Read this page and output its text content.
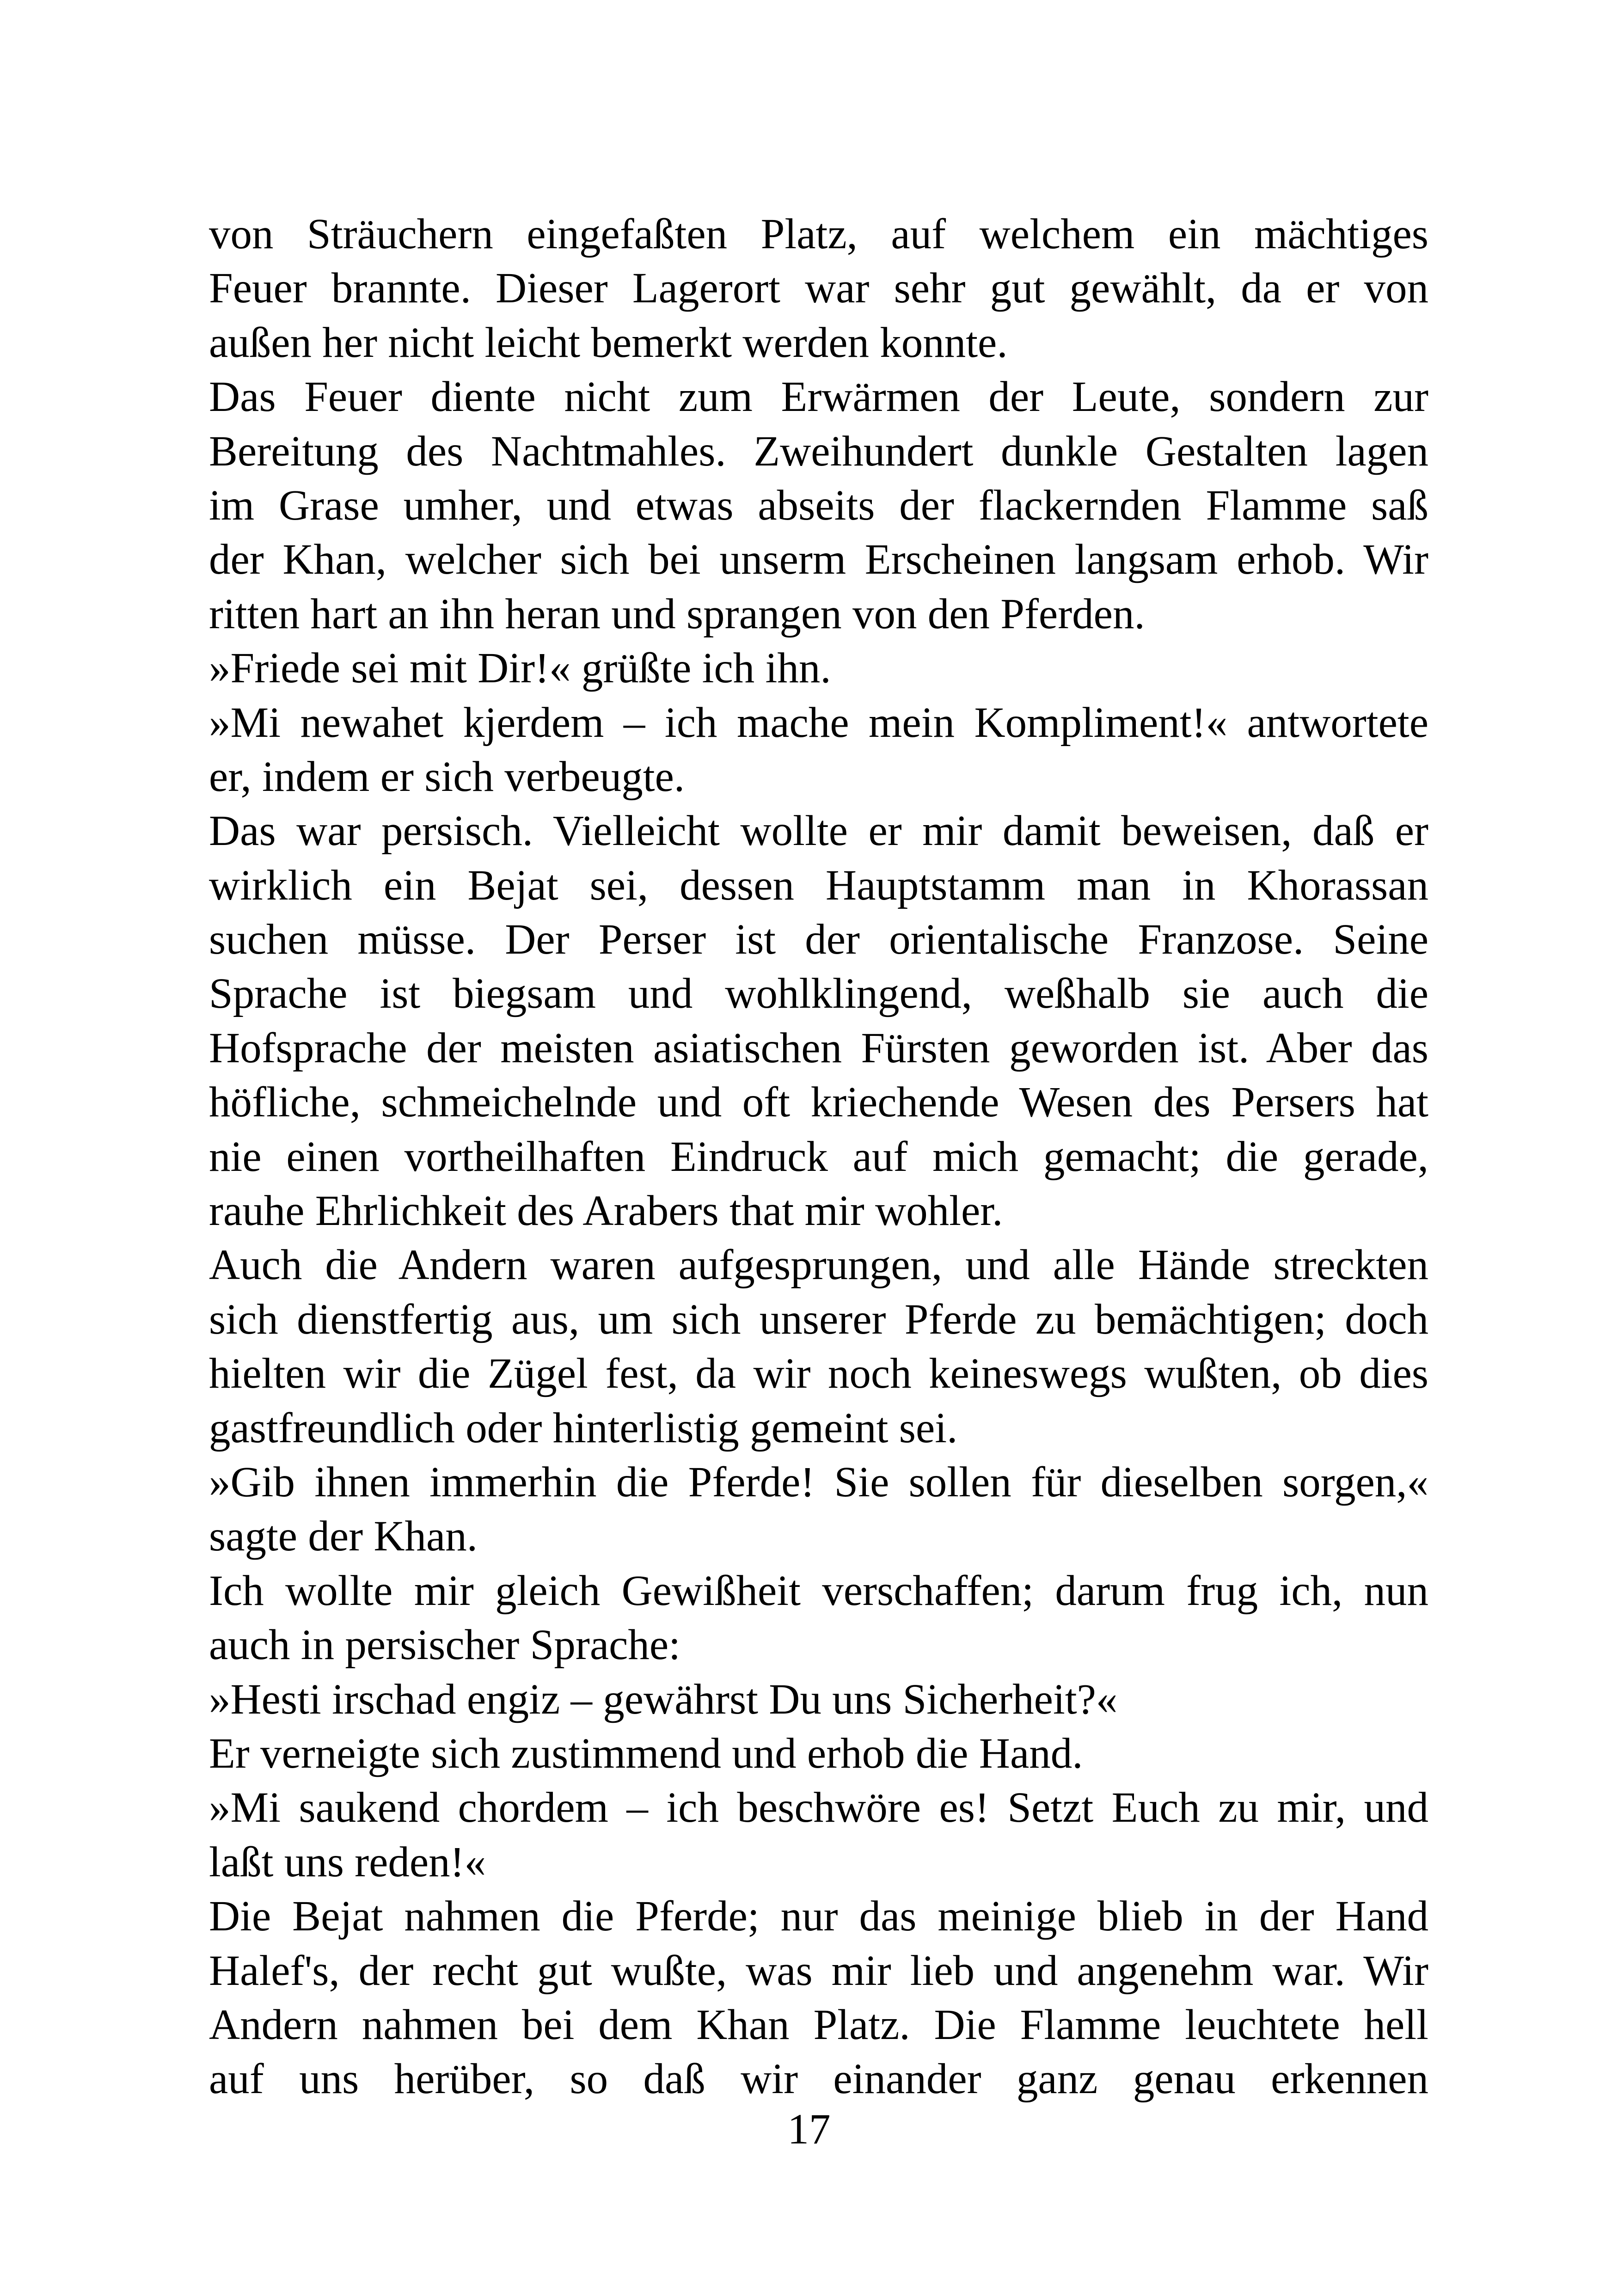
von Sträuchern eingefaßten Platz, auf welchem ein mächtiges
Feuer brannte. Dieser Lagerort war sehr gut gewählt, da er von
außen her nicht leicht bemerkt werden konnte.
Das Feuer diente nicht zum Erwärmen der Leute, sondern zur
Bereitung des Nachtmahles. Zweihundert dunkle Gestalten lagen
im Grase umher, und etwas abseits der flackernden Flamme saß
der Khan, welcher sich bei unserm Erscheinen langsam erhob. Wir
ritten hart an ihn heran und sprangen von den Pferden.
»Friede sei mit Dir!« grüßte ich ihn.
»Mi newahet kjerdem – ich mache mein Kompliment!« antwortete
er, indem er sich verbeugte.
Das war persisch. Vielleicht wollte er mir damit beweisen, daß er
wirklich ein Bejat sei, dessen Hauptstamm man in Khorassan
suchen müsse. Der Perser ist der orientalische Franzose. Seine
Sprache ist biegsam und wohlklingend, weßhalb sie auch die
Hofsprache der meisten asiatischen Fürsten geworden ist. Aber das
höfliche, schmeichelnde und oft kriechende Wesen des Persers hat
nie einen vortheilhaften Eindruck auf mich gemacht; die gerade,
rauhe Ehrlichkeit des Arabers that mir wohler.
Auch die Andern waren aufgesprungen, und alle Hände streckten
sich dienstfertig aus, um sich unserer Pferde zu bemächtigen; doch
hielten wir die Zügel fest, da wir noch keineswegs wußten, ob dies
gastfreundlich oder hinterlistig gemeint sei.
»Gib ihnen immerhin die Pferde! Sie sollen für dieselben sorgen,«
sagte der Khan.
Ich wollte mir gleich Gewißheit verschaffen; darum frug ich, nun
auch in persischer Sprache:
»Hesti irschad engiz – gewährst Du uns Sicherheit?«
Er verneigte sich zustimmend und erhob die Hand.
»Mi saukend chordem – ich beschwöre es! Setzt Euch zu mir, und
laßt uns reden!«
Die Bejat nahmen die Pferde; nur das meinige blieb in der Hand
Halef's, der recht gut wußte, was mir lieb und angenehm war. Wir
Andern nahmen bei dem Khan Platz. Die Flamme leuchtete hell
auf uns herüber, so daß wir einander ganz genau erkennen
17
